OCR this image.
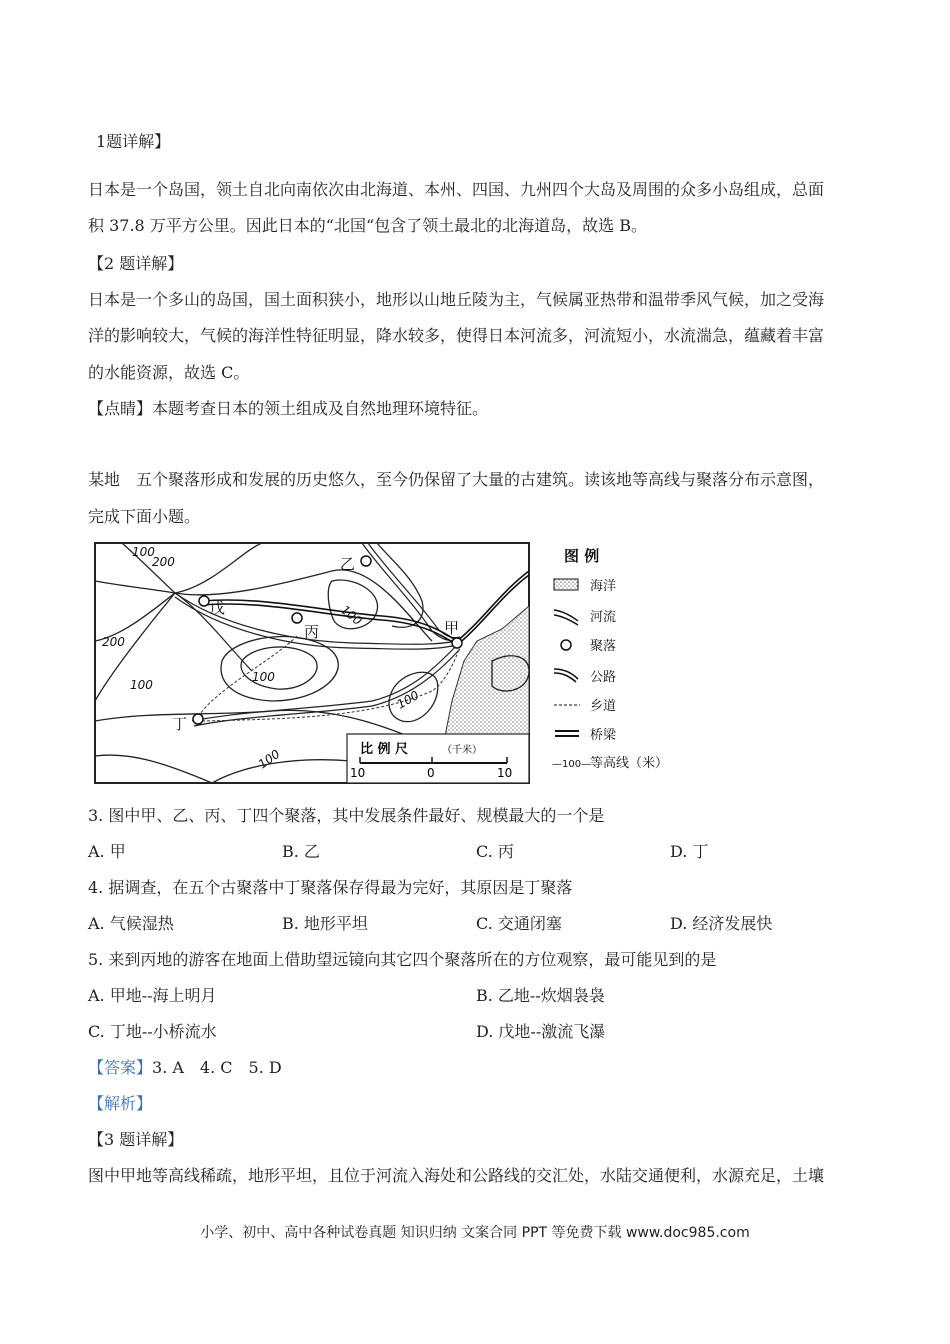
1题详解】
日本是一个岛国，领土自北向南依次由北海道、本州、四国、九州四个大岛及周围的众多小岛组成，总面
积 37.8 万平方公里。因此日本的“北国“包含了领土最北的北海道岛，故选 B。
【2 题详解】
日本是一个多山的岛国，国土面积狭小，地形以山地丘陵为主，气候属亚热带和温带季风气候，加之受海
洋的影响较大，气候的海洋性特征明显，降水较多，使得日本河流多，河流短小，水流湍急，蕴藏着丰富
的水能资源，故选 C。
【点睛】本题考查日本的领土组成及自然地理环境特征。
某地　五个聚落形成和发展的历史悠久，至今仍保留了大量的古建筑。读该地等高线与聚落分布示意图，
完成下面小题。
甲
乙
丙
丁
戊
200
100
200
100
100
100
100
100	比 例 尺	（千米）
10	0	10
图 例
海洋
河流
聚落
公路
乡道
桥梁
—100—
等高线（米）
3. 图中甲、乙、丙、丁四个聚落，其中发展条件最好、规模最大的一个是
A. 甲	B. 乙	C. 丙	D. 丁
4. 据调查，在五个古聚落中丁聚落保存得最为完好，其原因是丁聚落
A. 气候湿热	B. 地形平坦	C. 交通闭塞	D. 经济发展快
5. 来到丙地的游客在地面上借助望远镜向其它四个聚落所在的方位观察，最可能见到的是
A. 甲地--海上明月	B. 乙地--炊烟袅袅
C. 丁地--小桥流水	D. 戊地--激流飞瀑
【答案】3. A　4. C　5. D
【解析】
【3 题详解】
图中甲地等高线稀疏，地形平坦，且位于河流入海处和公路线的交汇处，水陆交通便利，水源充足，土壤
小学、初中、高中各种试卷真题 知识归纳 文案合同 PPT 等免费下载 www.doc985.com
